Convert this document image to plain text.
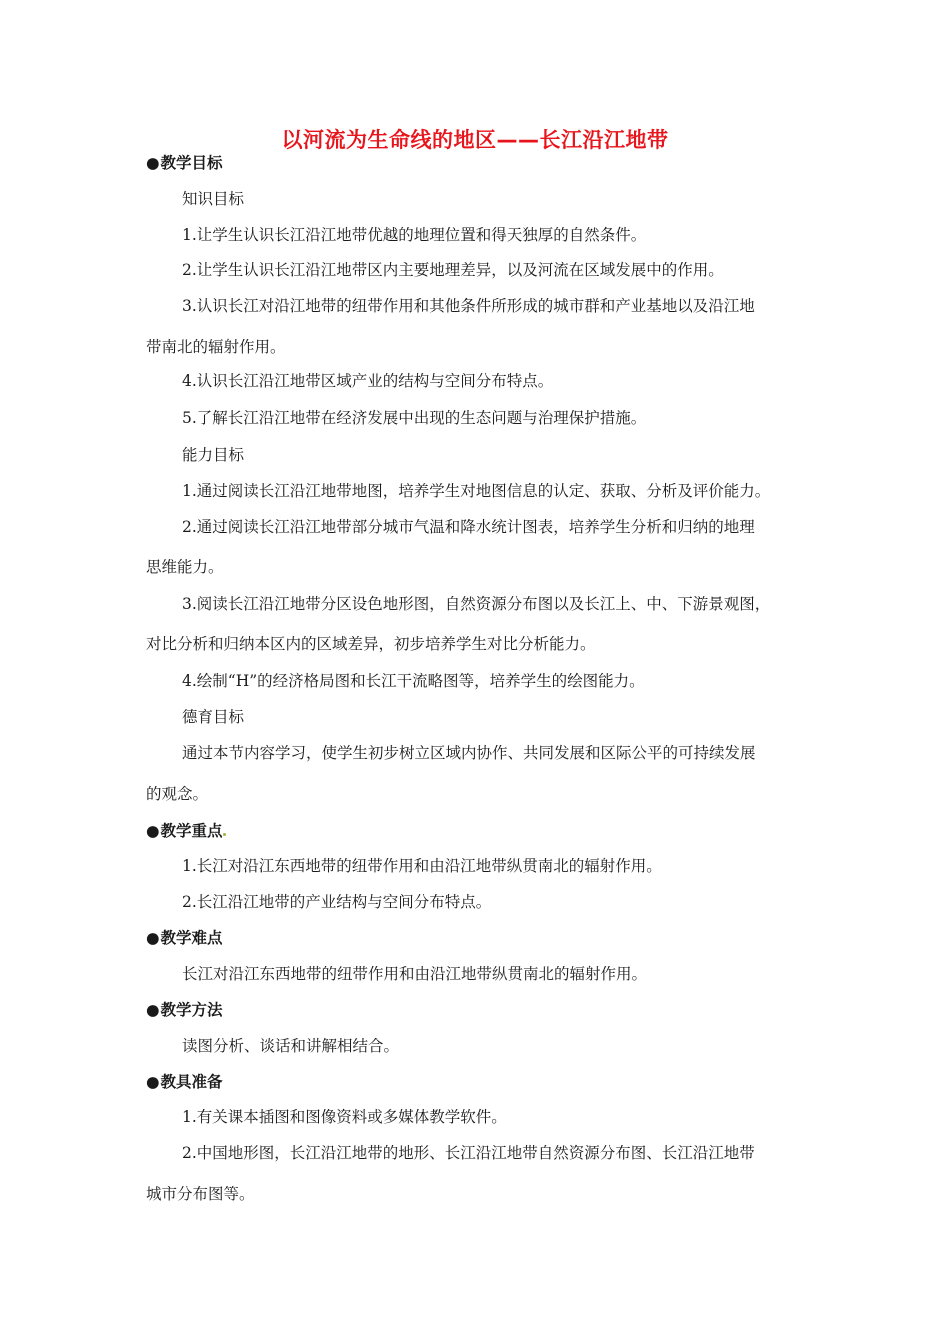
以河流为生命线的地区——长江沿江地带
●教学目标
知识目标
1.让学生认识长江沿江地带优越的地理位置和得天独厚的自然条件。
2.让学生认识长江沿江地带区内主要地理差异，以及河流在区域发展中的作用。
3.认识长江对沿江地带的纽带作用和其他条件所形成的城市群和产业基地以及沿江地
带南北的辐射作用。
4.认识长江沿江地带区域产业的结构与空间分布特点。
5.了解长江沿江地带在经济发展中出现的生态问题与治理保护措施。
能力目标
1.通过阅读长江沿江地带地图，培养学生对地图信息的认定、获取、分析及评价能力。
2.通过阅读长江沿江地带部分城市气温和降水统计图表，培养学生分析和归纳的地理
思维能力。
3.阅读长江沿江地带分区设色地形图，自然资源分布图以及长江上、中、下游景观图，
对比分析和归纳本区内的区域差异，初步培养学生对比分析能力。
4.绘制“H”的经济格局图和长江干流略图等，培养学生的绘图能力。
德育目标
通过本节内容学习，使学生初步树立区域内协作、共同发展和区际公平的可持续发展
的观念。
●教学重点
1.长江对沿江东西地带的纽带作用和由沿江地带纵贯南北的辐射作用。
2.长江沿江地带的产业结构与空间分布特点。
●教学难点
长江对沿江东西地带的纽带作用和由沿江地带纵贯南北的辐射作用。
●教学方法
读图分析、谈话和讲解相结合。
●教具准备
1.有关课本插图和图像资料或多媒体教学软件。
2.中国地形图，长江沿江地带的地形、长江沿江地带自然资源分布图、长江沿江地带
城市分布图等。
